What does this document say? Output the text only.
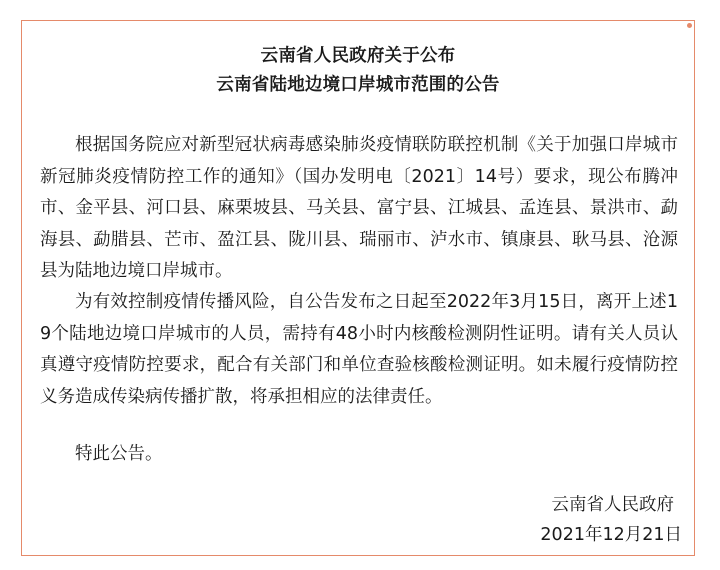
云南省人民政府关于公布

云南省陆地边境口岸城市范围的公告

根据国务院应对新型冠状病毒感染肺炎疫情联防联控机制《关于加强口岸城市新冠肺炎疫情防控工作的通知》（国办发明电〔2021〕14号）要求，现公布腾冲市、金平县、河口县、麻栗坡县、马关县、富宁县、江城县、孟连县、景洪市、勐海县、勐腊县、芒市、盈江县、陇川县、瑞丽市、泸水市、镇康县、耿马县、沧源县为陆地边境口岸城市。

为有效控制疫情传播风险，自公告发布之日起至2022年3月15日，离开上述19个陆地边境口岸城市的人员，需持有48小时内核酸检测阴性证明。请有关人员认真遵守疫情防控要求，配合有关部门和单位查验核酸检测证明。如未履行疫情防控义务造成传染病传播扩散，将承担相应的法律责任。

特此公告。

云南省人民政府

2021年12月21日
